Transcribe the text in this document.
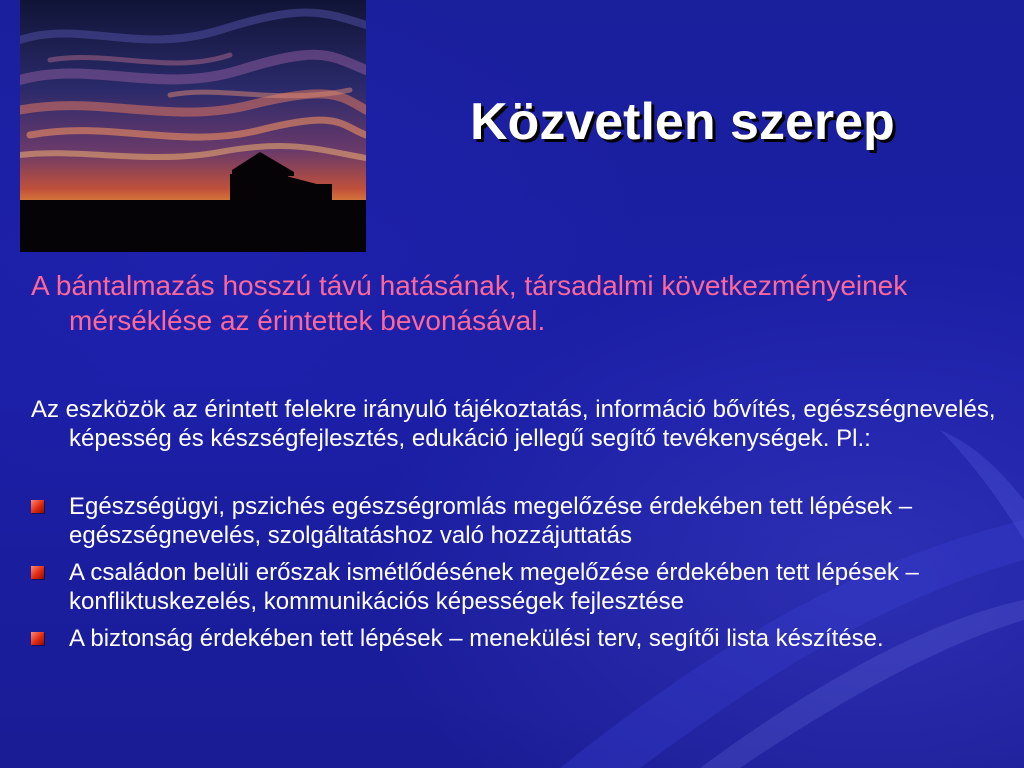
Közvetlen szerep

A bántalmazás hosszú távú hatásának, társadalmi következményeinek mérséklése az érintettek bevonásával.

Az eszközök az érintett felekre irányuló tájékoztatás, információ bővítés, egészségnevelés, képesség és készségfejlesztés, edukáció jellegű segítő tevékenységek. Pl.:

Egészségügyi, pszichés egészségromlás megelőzése érdekében tett lépések – egészségnevelés, szolgáltatáshoz való hozzájuttatás
A családon belüli erőszak ismétlődésének megelőzése érdekében tett lépések – konfliktuskezelés, kommunikációs képességek fejlesztése
A biztonság érdekében tett lépések – menekülési terv, segítői lista készítése.
